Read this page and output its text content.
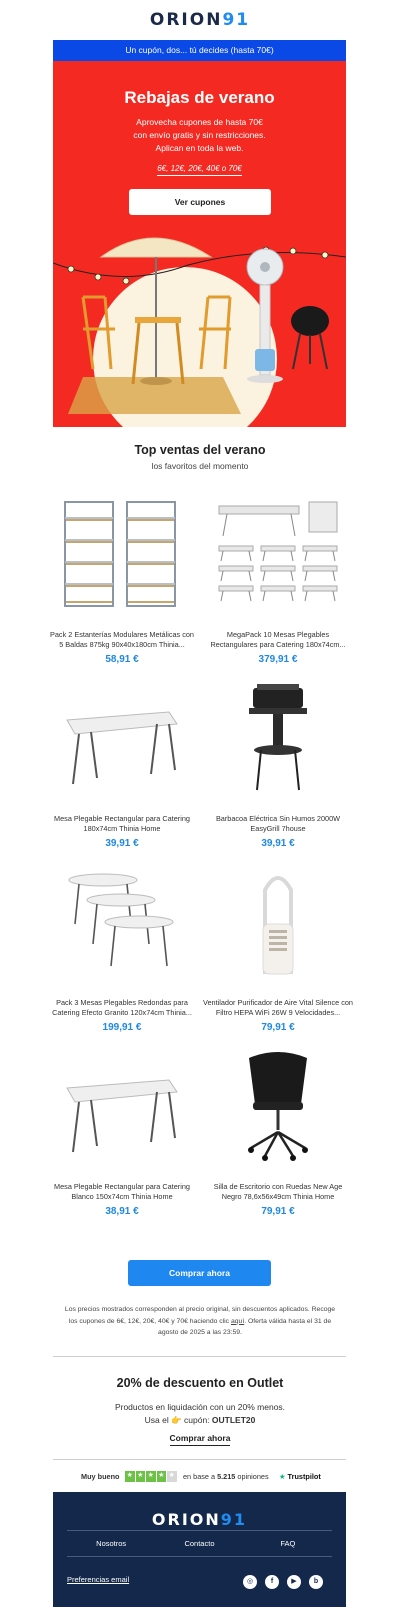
ORION91
Un cupón, dos... tú decides (hasta 70€)
Rebajas de verano
Aprovecha cupones de hasta 70€
con envío gratis y sin restricciones.
Aplican en toda la web.
6€, 12€, 20€, 40€ o 70€
Ver cupones
Top ventas del verano
los favoritos del momento
Pack 2 Estanterías Modulares Metálicas con 5 Baldas 875kg 90x40x180cm Thinia...
58,91 €
MegaPack 10 Mesas Plegables Rectangulares para Catering 180x74cm...
379,91 €
Mesa Plegable Rectangular para Catering 180x74cm Thinia Home
39,91 €
Barbacoa Eléctrica Sin Humos 2000W EasyGrill 7house
39,91 €
Pack 3 Mesas Plegables Redondas para Catering Efecto Granito 120x74cm Thinia...
199,91 €
Ventilador Purificador de Aire Vital Silence con Filtro HEPA WiFi 26W 9 Velocidades...
79,91 €
Mesa Plegable Rectangular para Catering Blanco 150x74cm Thinia Home
38,91 €
Silla de Escritorio con Ruedas New Age Negro 78,6x56x49cm Thinia Home
79,91 €
Comprar ahora
Los precios mostrados corresponden al precio original, sin descuentos aplicados. Recoge los cupones de 6€, 12€, 20€, 40€ y 70€ haciendo clic aquí. Oferta válida hasta el 31 de agosto de 2025 a las 23:59.
20% de descuento en Outlet
Productos en liquidación con un 20% menos.
Usa el 👉 cupón: OUTLET20
Comprar ahora
Muy bueno ★ ★ ★ ★ ★ en base a 5.215 opiniones ★ Trustpilot
ORION91
Nosotros	Contacto	FAQ
Preferencias email	◎	f	▶	b
